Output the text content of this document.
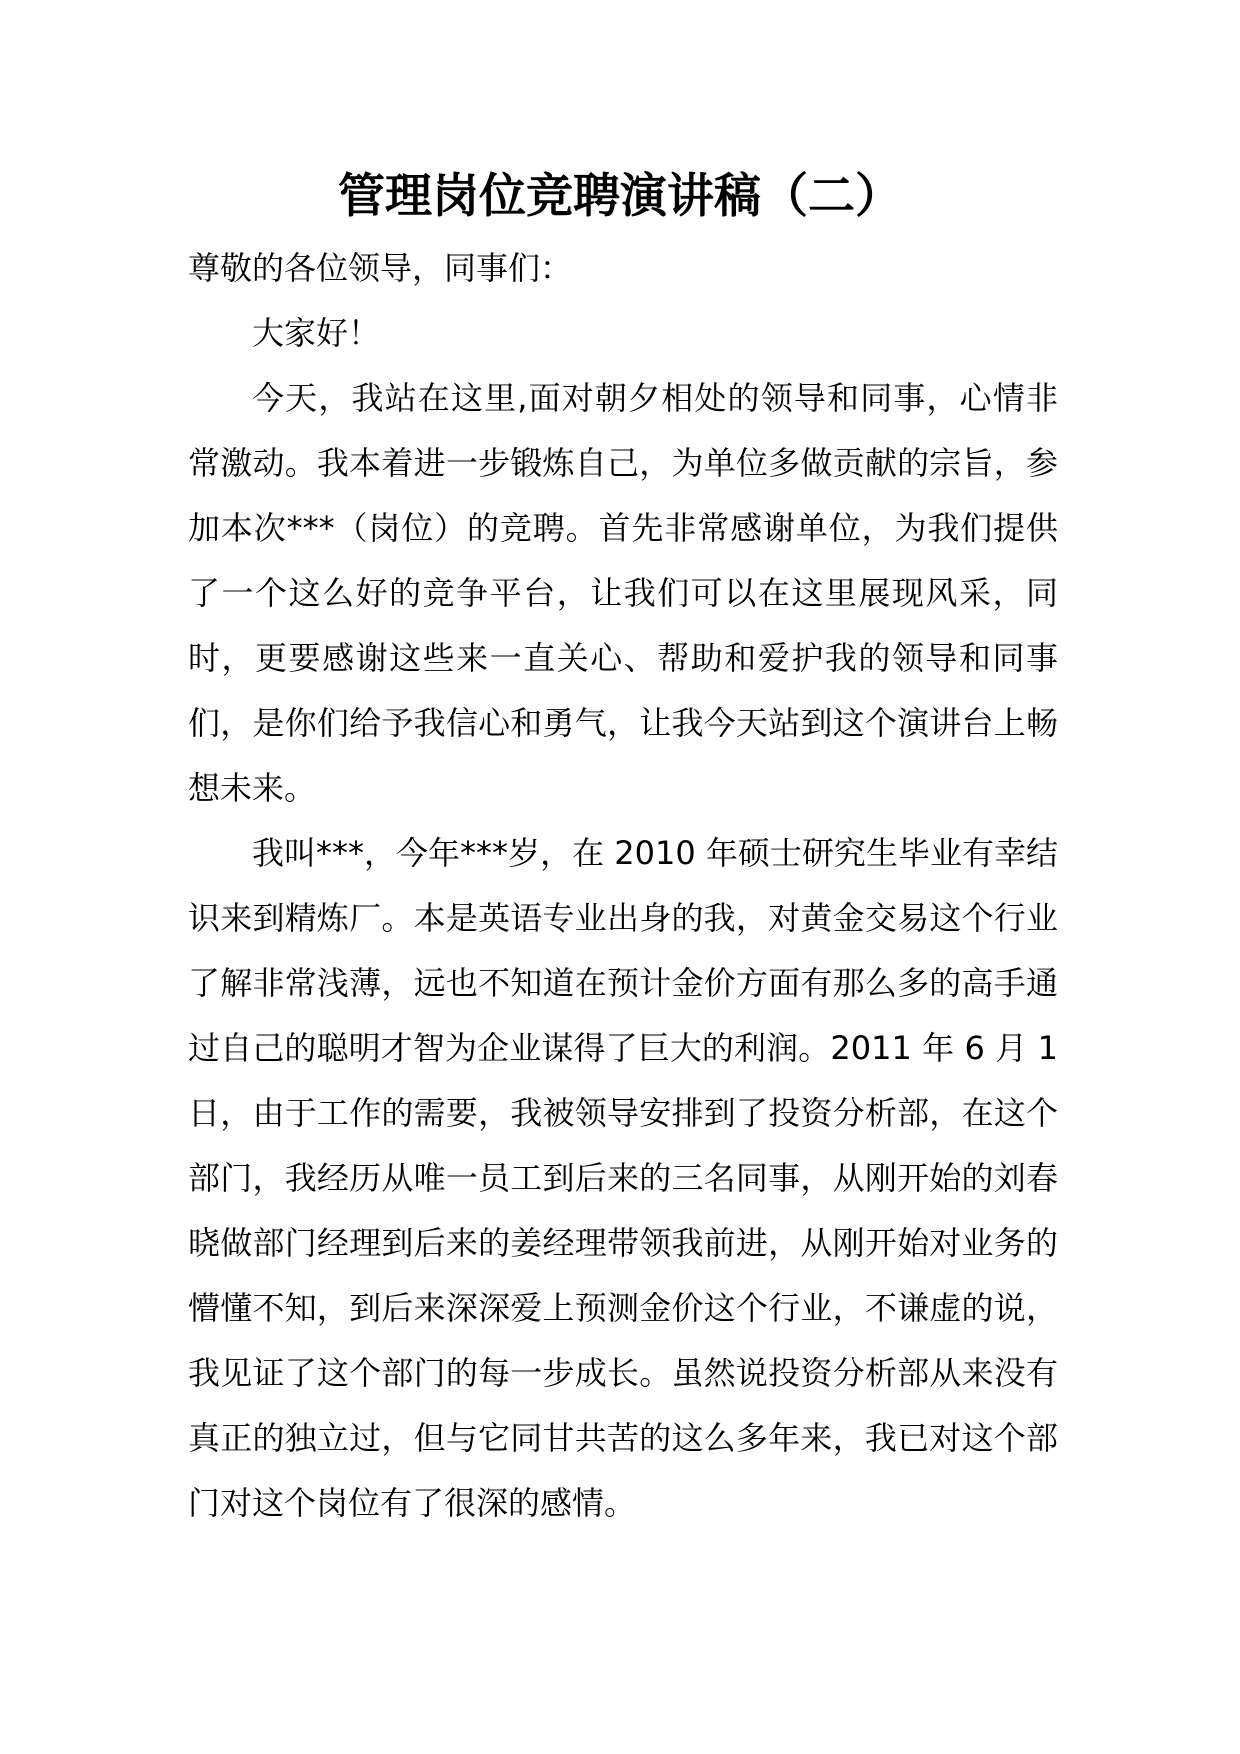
管理岗位竞聘演讲稿（二）

尊敬的各位领导，同事们：

大家好！

今天，我站在这里,面对朝夕相处的领导和同事，心情非常激动。我本着进一步锻炼自己，为单位多做贡献的宗旨，参加本次***（岗位）的竞聘。首先非常感谢单位，为我们提供了一个这么好的竞争平台，让我们可以在这里展现风采，同时，更要感谢这些来一直关心、帮助和爱护我的领导和同事们，是你们给予我信心和勇气，让我今天站到这个演讲台上畅想未来。

我叫***，今年***岁，在 2010 年硕士研究生毕业有幸结识来到精炼厂。本是英语专业出身的我，对黄金交易这个行业了解非常浅薄，远也不知道在预计金价方面有那么多的高手通过自己的聪明才智为企业谋得了巨大的利润。2011 年 6 月 1 日，由于工作的需要，我被领导安排到了投资分析部，在这个部门，我经历从唯一员工到后来的三名同事，从刚开始的刘春晓做部门经理到后来的姜经理带领我前进，从刚开始对业务的懵懂不知，到后来深深爱上预测金价这个行业，不谦虚的说，我见证了这个部门的每一步成长。虽然说投资分析部从来没有真正的独立过，但与它同甘共苦的这么多年来，我已对这个部门对这个岗位有了很深的感情。
